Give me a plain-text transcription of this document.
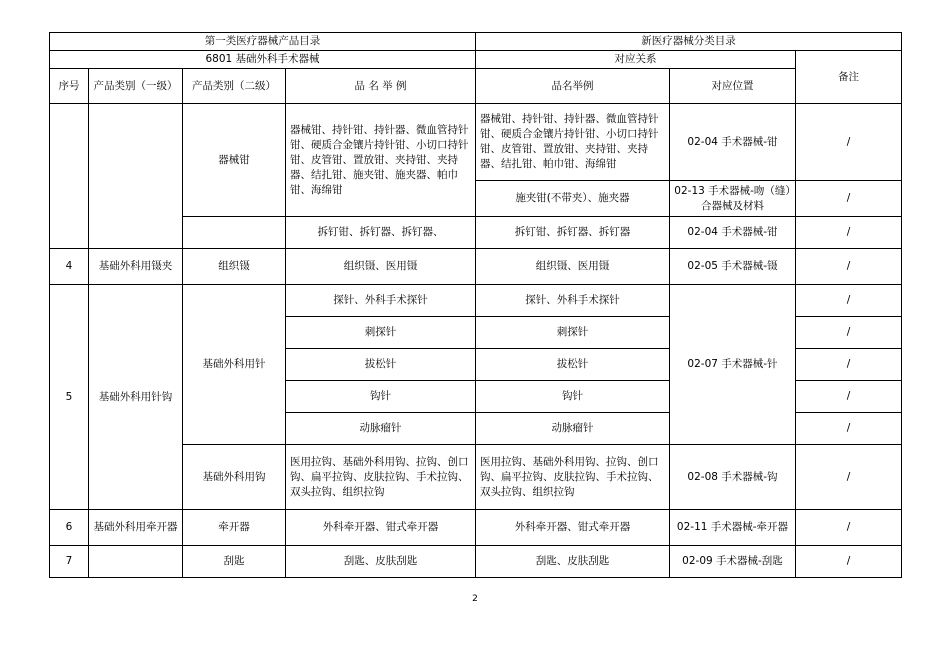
第一类医疗器械产品目录				新医疗器械分类目录		
6801 基础外科手术器械				对应关系		备注
序号	产品类别（一级）	产品类别（二级）	品 名 举 例	品名举例	对应位置	
		器械钳	器械钳、持针钳、持针器、微血管持针钳、硬质合金镶片持针钳、小切口持针钳、皮管钳、置放钳、夹持钳、夹持器、结扎钳、施夹钳、施夹器、帕巾钳、海绵钳	器械钳、持针钳、持针器、微血管持针钳、硬质合金镶片持针钳、小切口持针钳、皮管钳、置放钳、夹持钳、夹持器、结扎钳、帕巾钳、海绵钳	02-04 手术器械-钳	/
				施夹钳(不带夹）、施夹器	02-13 手术器械-吻（缝）合器械及材料	/
			拆钉钳、拆钉器、拆钉器、	拆钉钳、拆钉器、拆钉器	02-04 手术器械-钳	/
4	基础外科用镊夹	组织镊	组织镊、医用镊	组织镊、医用镊	02-05 手术器械-镊	/
5	基础外科用针钩	基础外科用针	探针、外科手术探针	探针、外科手术探针	02-07 手术器械-针	/
			刺探针	刺探针		/
			拔松针	拔松针		/
			钩针	钩针		/
			动脉瘤针	动脉瘤针		/
		基础外科用钩	医用拉钩、基础外科用钩、拉钩、创口钩、扁平拉钩、皮肤拉钩、手术拉钩、双头拉钩、组织拉钩	医用拉钩、基础外科用钩、拉钩、创口钩、扁平拉钩、皮肤拉钩、手术拉钩、双头拉钩、组织拉钩	02-08 手术器械-钩	/
6	基础外科用牵开器	牵开器	外科牵开器、钳式牵开器	外科牵开器、钳式牵开器	02-11 手术器械-牵开器	/
7		刮匙	刮匙、皮肤刮匙	刮匙、皮肤刮匙	02-09 手术器械-刮匙	/
2
